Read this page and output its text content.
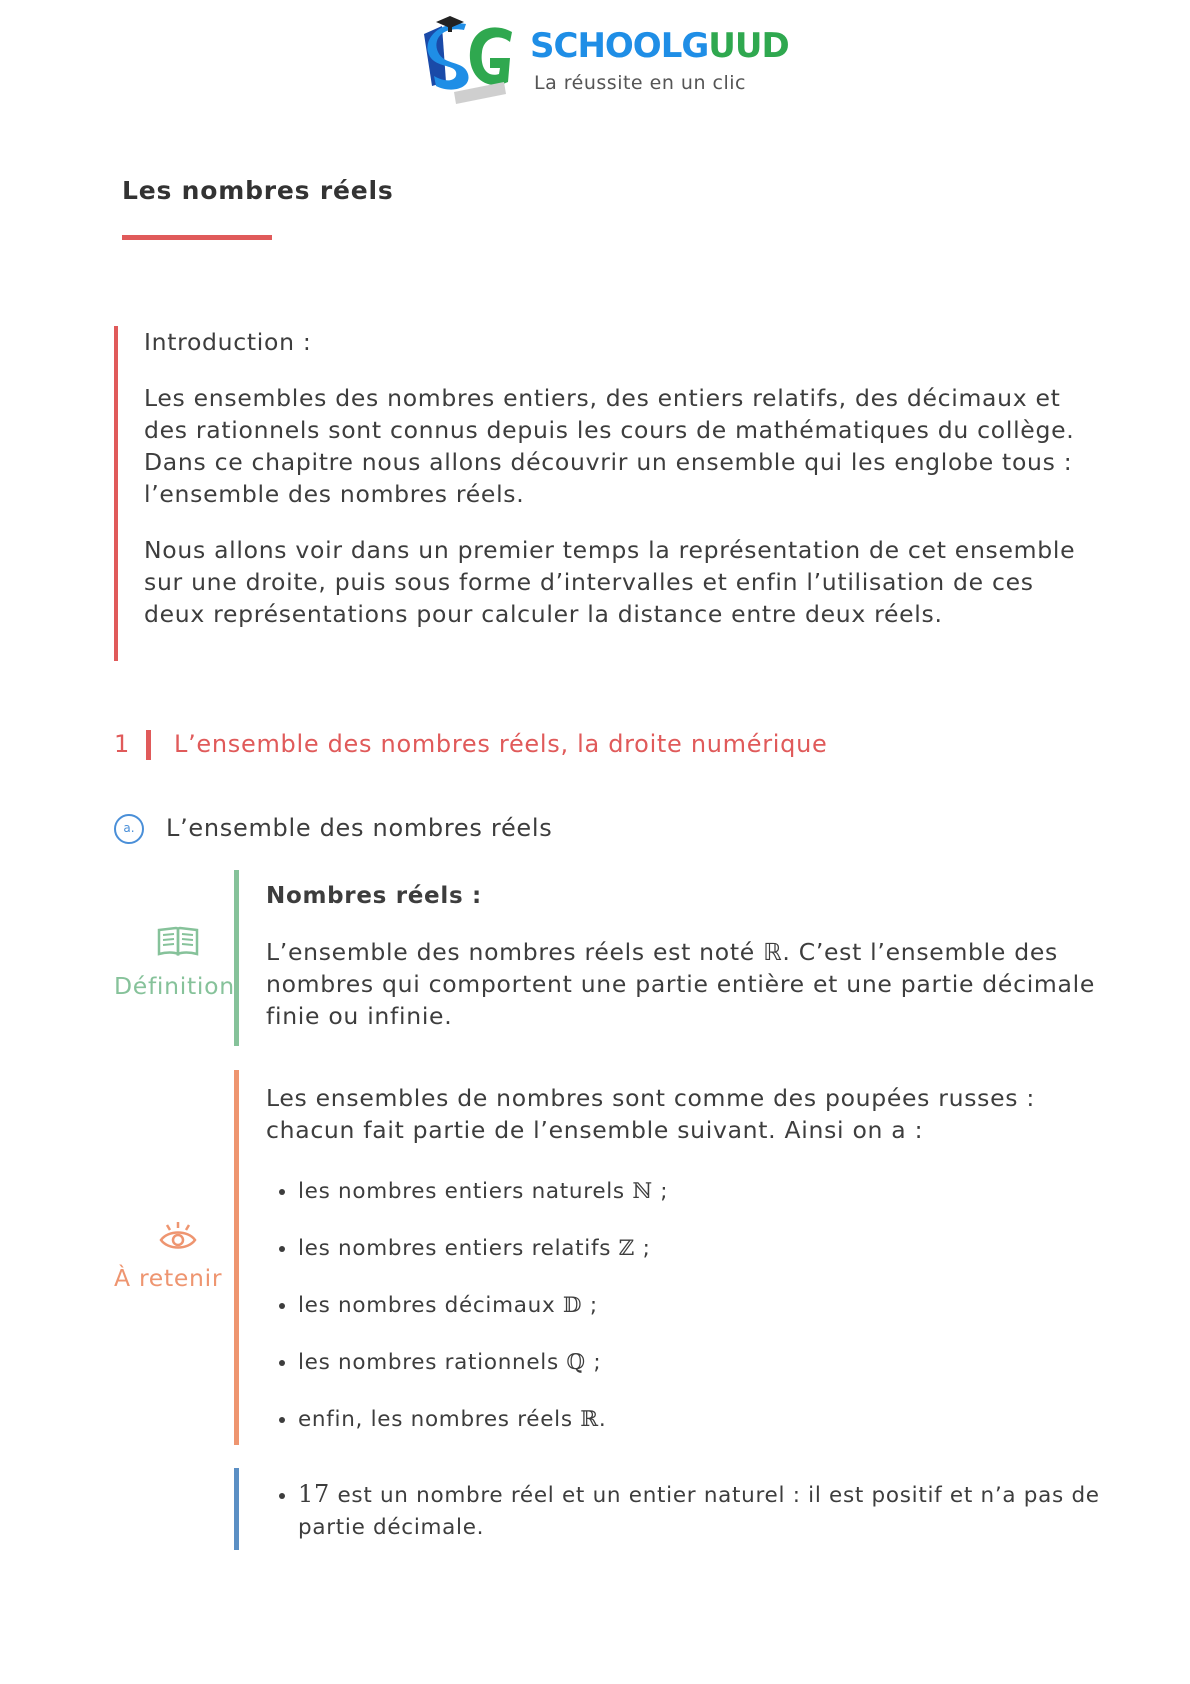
SCHOOLGUUD
La réussite en un clic
Les nombres réels

Introduction :

Les ensembles des nombres entiers, des entiers relatifs, des décimaux et des rationnels sont connus depuis les cours de mathématiques du collège. Dans ce chapitre nous allons découvrir un ensemble qui les englobe tous : l’ensemble des nombres réels.

Nous allons voir dans un premier temps la représentation de cet ensemble sur une droite, puis sous forme d’intervalles et enfin l’utilisation de ces deux représentations pour calculer la distance entre deux réels.

1 L’ensemble des nombres réels, la droite numérique
a.	L’ensemble des nombres réels
Définition

Nombres réels :

L’ensemble des nombres réels est noté ℝ. C’est l’ensemble des nombres qui comportent une partie entière et une partie décimale finie ou infinie.

À retenir

Les ensembles de nombres sont comme des poupées russes : chacun fait partie de l’ensemble suivant. Ainsi on a :

• les nombres entiers naturels ℕ ;
• les nombres entiers relatifs ℤ ;
• les nombres décimaux 𝔻 ;
• les nombres rationnels ℚ ;
• enfin, les nombres réels ℝ.
• 17 est un nombre réel et un entier naturel : il est positif et n’a pas de partie décimale.
